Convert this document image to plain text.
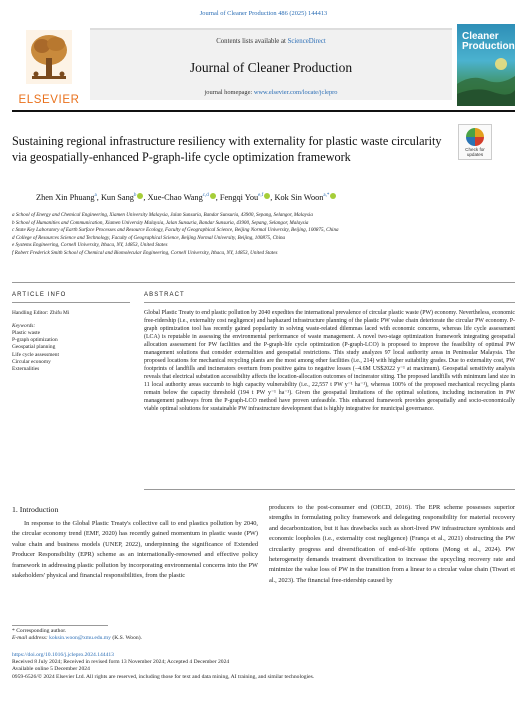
Journal of Cleaner Production 486 (2025) 144413
ELSEVIER
Contents lists available at ScienceDirect
Journal of Cleaner Production
journal homepage: www.elsevier.com/locate/jclepro
Cleaner
Production
Sustaining regional infrastructure resiliency with externality for plastic waste circularity via geospatially-enhanced P-graph-life cycle optimization framework	Check for
updates
Zhen Xin Phuang$^a$, Kun Sang$^b$ , Xue-Chao Wang$^{c,d}$ , Fengqi You$^{e,f}$ , Kok Sin Woon$^{a,*}$
a School of Energy and Chemical Engineering, Xiamen University Malaysia, Jalan Sunsuria, Bandar Sunsuria, 43900, Sepang, Selangor, Malaysia
b School of Humanities and Communication, Xiamen University Malaysia, Jalan Sunsuria, Bandar Sunsuria, 43900, Sepang, Selangor, Malaysia
c State Key Laboratory of Earth Surface Processes and Resource Ecology, Faculty of Geographical Science, Beijing Normal University, Beijing, 100875, China
d College of Resources Science and Technology, Faculty of Geographical Science, Beijing Normal University, Beijing, 100875, China
e Systems Engineering, Cornell University, Ithaca, NY, 14853, United States
f Robert Frederick Smith School of Chemical and Biomolecular Engineering, Cornell University, Ithaca, NY, 14853, United States
ARTICLE INFO	ABSTRACT
Handling Editor: Zhifu Mi
Keywords:
Plastic waste
P-graph optimization
Geospatial planning
Life cycle assessment
Circular economy
Externalities

Global Plastic Treaty to end plastic pollution by 2040 expedites the international prevalence of circular plastic waste (PW) economy. Nevertheless, economic free-ridership (i.e., externality cost negligence) and haphazard infrastructure planning of the plastic PW value chain deteriorate the circular PW economy. P-graph optimization tool has recently gained popularity in solving waste-related dilemmas laced with economic concerns, whereas life cycle assessment (LCA) is reputable in assessing the environmental performance of waste management. A novel two-stage optimization framework integrating geospatial allocation assessment for PW facilities and the P-graph-life cycle optimization (P-graph-LCO) is proposed to improve the feasibility of optimal PW management solutions that consider externalities and geospatial restrictions. This study analyzes 97 local authority areas in Peninsular Malaysia. The proposed locations for mechanical recycling plants are the most among other facilities (i.e., 214) with higher suitability grades. Due to externality cost, PW footprints of landfills and incinerators overturn from positive gains to negative losses (−4.6M US$2022 y⁻¹ at maximum). Geospatial sensitivity analysis reveals that electrical substation accessibility affects the location-allocation outcomes of incinerator siting. The proposed landfills with minimum land size in 11 local authority areas succumb to high capacity vulnerability (i.e., 22,557 t PW y⁻¹ ha⁻¹), whereas 100% of the proposed mechanical recycling plants remain below the capacity threshold (194 t PW y⁻¹ ha⁻¹). Given the geospatial limitations of the optimal solutions, including incineration in PW management pathways from the P-graph-LCO method have proven unfeasible. This enhanced framework provides geospatially and socio-economically viable optimal solutions for sustainable PW infrastructure development that is highly integrative for municipal governance.

1. Introduction

In response to the Global Plastic Treaty's collective call to end plastics pollution by 2040, the circular economy trend (EMF, 2020) has recently gained momentum in plastic waste (PW) value chain and business models (UNEP, 2022), underpinning the significance of Extended Producer Responsibility (EPR) scheme as an internationally-renowned and effective policy framework in addressing plastic pollution by incorporating environmental concerns into the PW stakeholders' physical and financial responsibilities, from the plastic

producers to the post-consumer end (OECD, 2016). The EPR scheme possesses superior strengths in formulating policy framework and delegating responsibility for material recovery and decarbonization, but it has drawbacks such as short-lived PW infrastructure symbiosis and economic loopholes (i.e., externality cost negligence) (França et al., 2021) obstructing the PW circularity progress and diversification of end-of-life options (Mong et al., 2024). PW heterogeneity demands treatment diversification to increase the upcycling recovery rate and minimize the value loss of PW in the transition from a linear to a circular value chain (Tiwari et al., 2023). The financial free-ridership caused by

* Corresponding author.
E-mail address: koksin.woon@xmu.edu.my (K.S. Woon).
https://doi.org/10.1016/j.jclepro.2024.144413
Received 8 July 2024; Received in revised form 13 November 2024; Accepted 4 December 2024
Available online 5 December 2024
0959-6526/© 2024 Elsevier Ltd. All rights are reserved, including those for text and data mining, AI training, and similar technologies.
